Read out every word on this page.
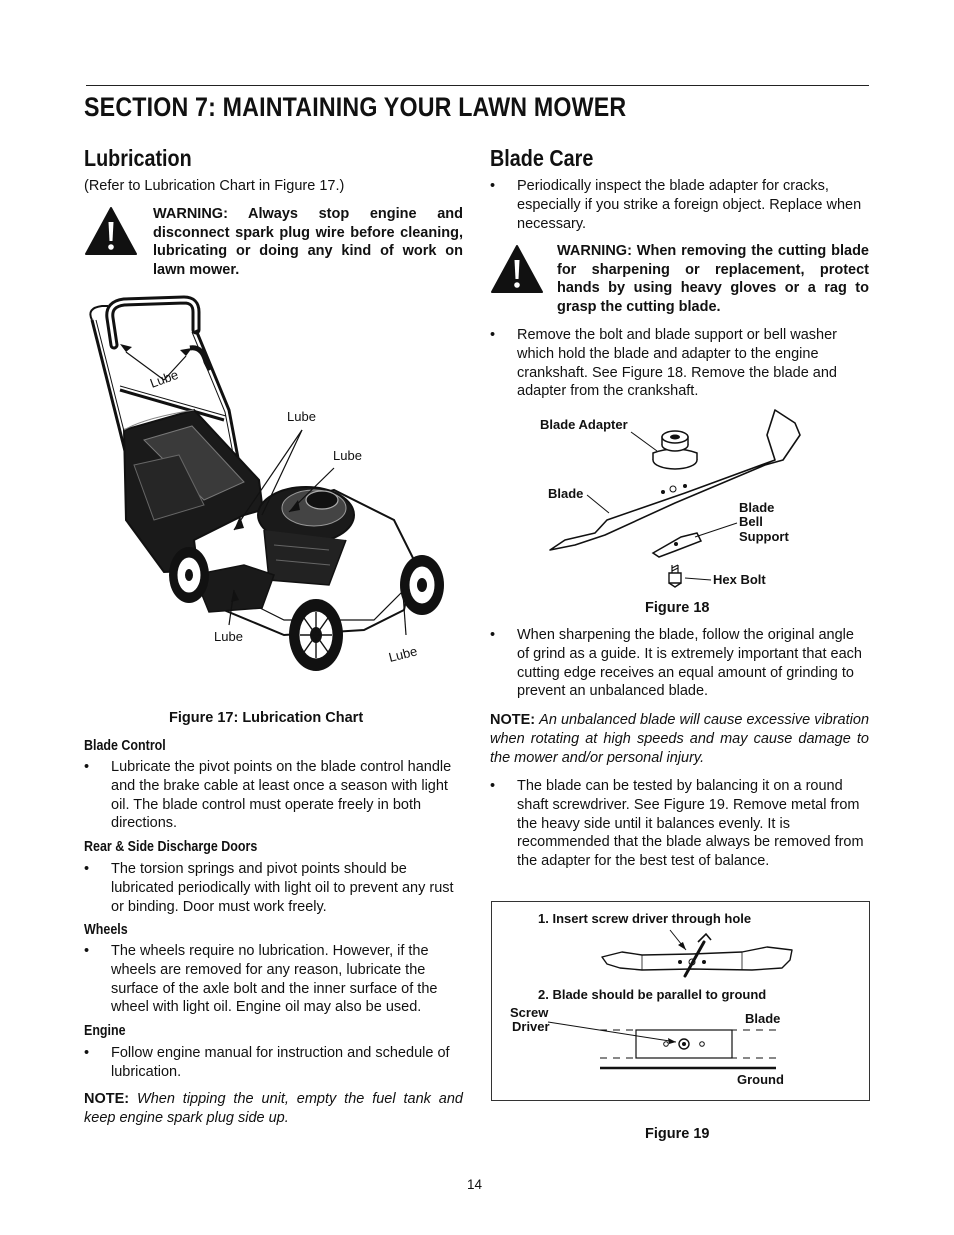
SECTION 7: MAINTAINING YOUR LAWN MOWER
Lubrication
(Refer to Lubrication Chart in Figure 17.)
WARNING: Always stop engine and disconnect spark plug wire before cleaning, lubricating or doing any kind of work on lawn mower.
Lube
Lube
Lube
Lube
Lube
Figure 17: Lubrication Chart
Blade Control
• Lubricate the pivot points on the blade control handle and the brake cable at least once a season with light oil. The blade control must operate freely in both directions.
Rear & Side Discharge Doors
• The torsion springs and pivot points should be lubricated periodically with light oil to prevent any rust or binding. Door must work freely.
Wheels
• The wheels require no lubrication. However, if the wheels are removed for any reason, lubricate the surface of the axle bolt and the inner surface of the wheel with light oil. Engine oil may also be used.
Engine
• Follow engine manual for instruction and schedule of lubrication.
NOTE: When tipping the unit, empty the fuel tank and keep engine spark plug side up.
Blade Care
• Periodically inspect the blade adapter for cracks, especially if you strike a foreign object. Replace when necessary.
WARNING: When removing the cutting blade for sharpening or replacement, protect hands by using heavy gloves or a rag to grasp the cutting blade.
• Remove the bolt and blade support or bell washer which hold the blade and adapter to the engine crankshaft. See Figure 18. Remove the blade and adapter from the crankshaft.
Blade Adapter
Blade
Blade
Bell
Support
Hex Bolt
Figure 18
• When sharpening the blade, follow the original angle of grind as a guide. It is extremely important that each cutting edge receives an equal amount of grinding to prevent an unbalanced blade.
NOTE: An unbalanced blade will cause excessive vibration when rotating at high speeds and may cause damage to the mower and/or personal injury.
• The blade can be tested by balancing it on a round shaft screwdriver. See Figure 19. Remove metal from the heavy side until it balances evenly. It is recommended that the blade always be removed from the adapter for the best test of balance.
1. Insert screw driver through hole
2. Blade should be parallel to ground
Screw
Driver
Blade
Ground
Figure 19
14
